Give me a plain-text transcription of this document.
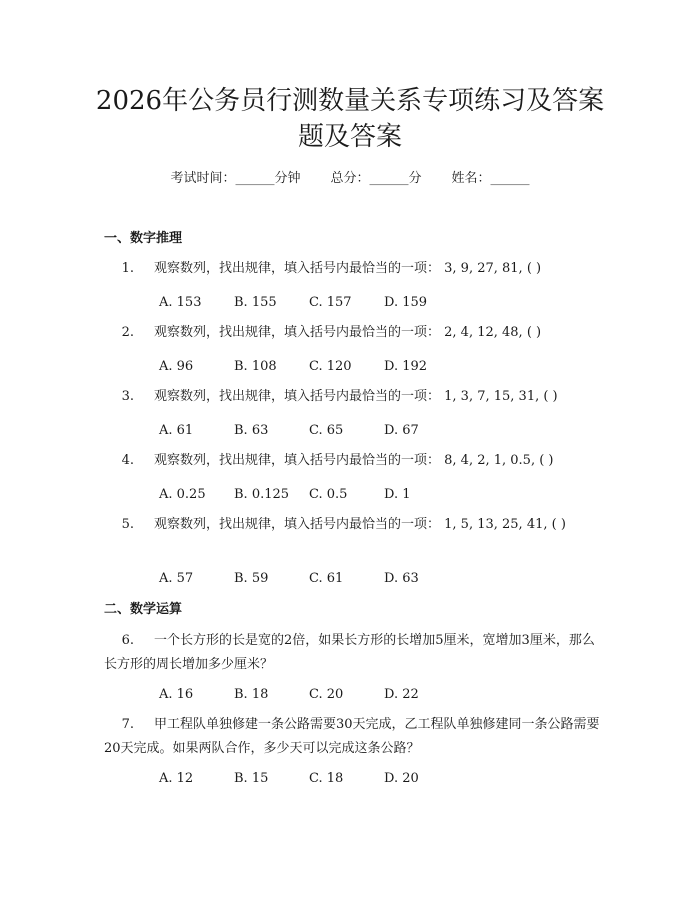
2026年公务员行测数量关系专项练习及答案
题及答案
考试时间：______分钟 总分：______分 姓名：______
一、数字推理
1. 观察数列，找出规律，填入括号内最恰当的一项： 3, 9, 27, 81, ( )
A. 153	B. 155 C. 157 D. 159
2. 观察数列，找出规律，填入括号内最恰当的一项： 2, 4, 12, 48, ( )
A. 96	B. 108 C. 120 D. 192
3. 观察数列，找出规律，填入括号内最恰当的一项： 1, 3, 7, 15, 31, ( )
A. 61	B. 63	C. 65	D. 67
4. 观察数列，找出规律，填入括号内最恰当的一项： 8, 4, 2, 1, 0.5, ( )
A. 0.25 B. 0.125 C. 0.5	D. 1
5. 观察数列，找出规律，填入括号内最恰当的一项： 1, 5, 13, 25, 41, ( )
A. 57	B. 59	C. 61	D. 63
二、数学运算
6. 一个长方形的长是宽的2倍，如果长方形的长增加5厘米，宽增加3厘米，那么长方形的周长增加多少厘米？
A. 16	B. 18	C. 20	D. 22
7. 甲工程队单独修建一条公路需要30天完成，乙工程队单独修建同一条公路需要20天完成。如果两队合作，多少天可以完成这条公路？
A. 12	B. 15	C. 18	D. 20
